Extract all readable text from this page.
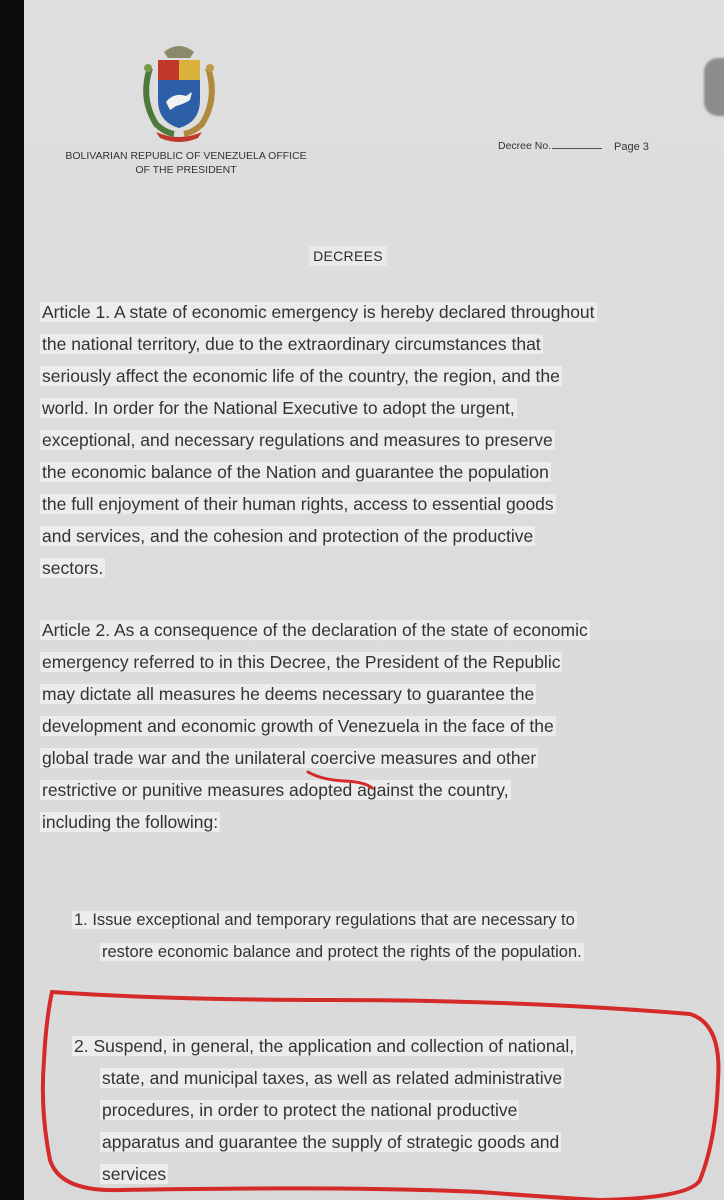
BOLIVARIAN REPUBLIC OF VENEZUELA OFFICE
OF THE PRESIDENT
Decree No.	Page 3
DECREES
Article 1. A state of economic emergency is hereby declared throughout
the national territory, due to the extraordinary circumstances that
seriously affect the economic life of the country, the region, and the
world. In order for the National Executive to adopt the urgent,
exceptional, and necessary regulations and measures to preserve
the economic balance of the Nation and guarantee the population
the full enjoyment of their human rights, access to essential goods
and services, and the cohesion and protection of the productive
sectors.
Article 2. As a consequence of the declaration of the state of economic
emergency referred to in this Decree, the President of the Republic
may dictate all measures he deems necessary to guarantee the
development and economic growth of Venezuela in the face of the
global trade war and the unilateral coercive measures and other
restrictive or punitive measures adopted against the country,
including the following:
1. Issue exceptional and temporary regulations that are necessary to
restore economic balance and protect the rights of the population.
2. Suspend, in general, the application and collection of national,
state, and municipal taxes, as well as related administrative
procedures, in order to protect the national productive
apparatus and guarantee the supply of strategic goods and
services
